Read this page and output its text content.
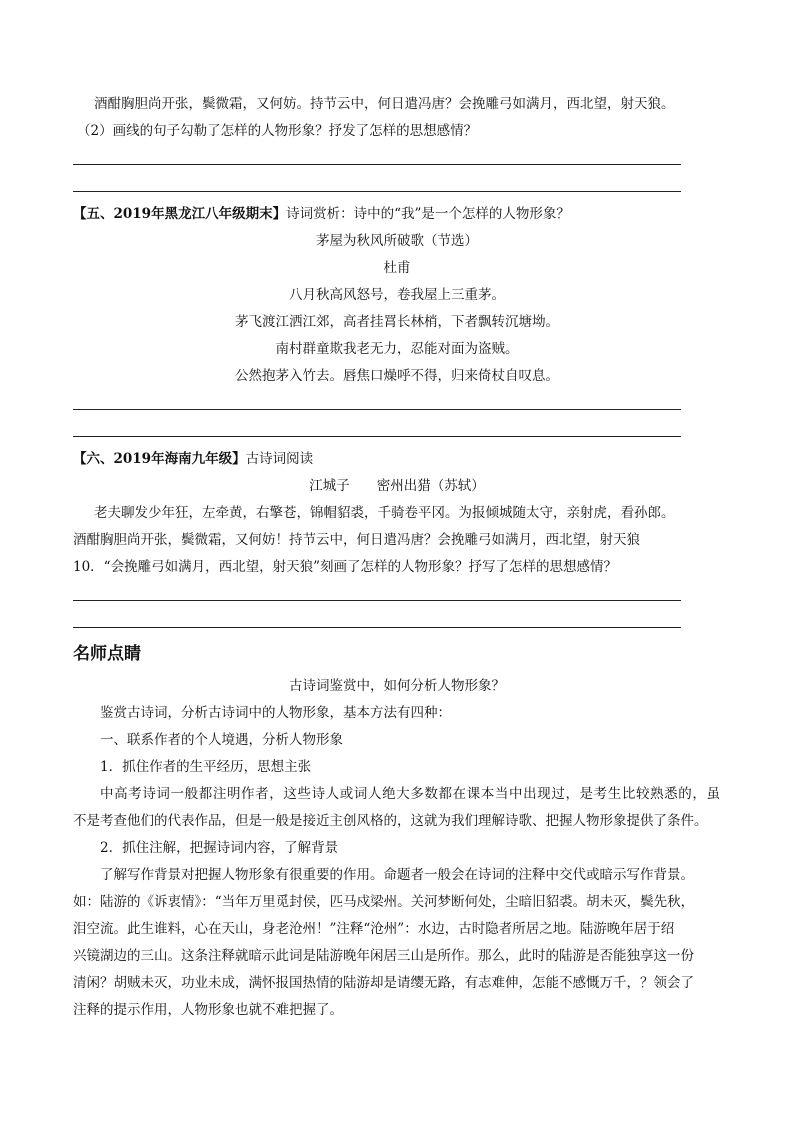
酒酣胸胆尚开张，鬓微霜，又何妨。持节云中，何日遣冯唐？会挽雕弓如满月，西北望，射天狼。
（2）画线的句子勾勒了怎样的人物形象？抒发了怎样的思想感情？
【五、2019年黑龙江八年级期末】诗词赏析：诗中的“我”是一个怎样的人物形象？
茅屋为秋风所破歌（节选）
杜甫
八月秋高风怒号，卷我屋上三重茅。
茅飞渡江洒江郊，高者挂罥长林梢，下者飘转沉塘坳。
南村群童欺我老无力，忍能对面为盗贼。
公然抱茅入竹去。唇焦口燥呼不得，归来倚杖自叹息。
【六、2019年海南九年级】古诗词阅读
江城子　　密州出猎（苏轼）
老夫聊发少年狂，左牵黄，右擎苍，锦帽貂裘，千骑卷平冈。为报倾城随太守，亲射虎，看孙郎。
酒酣胸胆尚开张，鬓微霜，又何妨！持节云中，何日遣冯唐？会挽雕弓如满月，西北望，射天狼
10．“会挽雕弓如满月，西北望，射天狼”刻画了怎样的人物形象？抒写了怎样的思想感情？
名师点睛
古诗词鉴赏中，如何分析人物形象？
鉴赏古诗词，分析古诗词中的人物形象，基本方法有四种：
一、联系作者的个人境遇，分析人物形象
1．抓住作者的生平经历，思想主张
中高考诗词一般都注明作者，这些诗人或词人绝大多数都在课本当中出现过，是考生比较熟悉的，虽
不是考查他们的代表作品，但是一般是接近主创风格的，这就为我们理解诗歌、把握人物形象提供了条件。
2．抓住注解，把握诗词内容，了解背景
了解写作背景对把握人物形象有很重要的作用。命题者一般会在诗词的注释中交代或暗示写作背景。
如：陆游的《诉衷情》：“当年万里觅封侯，匹马戍梁州。关河梦断何处，尘暗旧貂裘。胡未灭，鬓先秋，
泪空流。此生谁料，心在天山，身老沧州！”注释“沧州”：水边，古时隐者所居之地。陆游晚年居于绍
兴镜湖边的三山。这条注释就暗示此词是陆游晚年闲居三山是所作。那么，此时的陆游是否能独享这一份
清闲？胡贼未灭，功业未成，满怀报国热情的陆游却是请缨无路，有志难伸，怎能不感慨万千，？领会了
注释的提示作用，人物形象也就不难把握了。
